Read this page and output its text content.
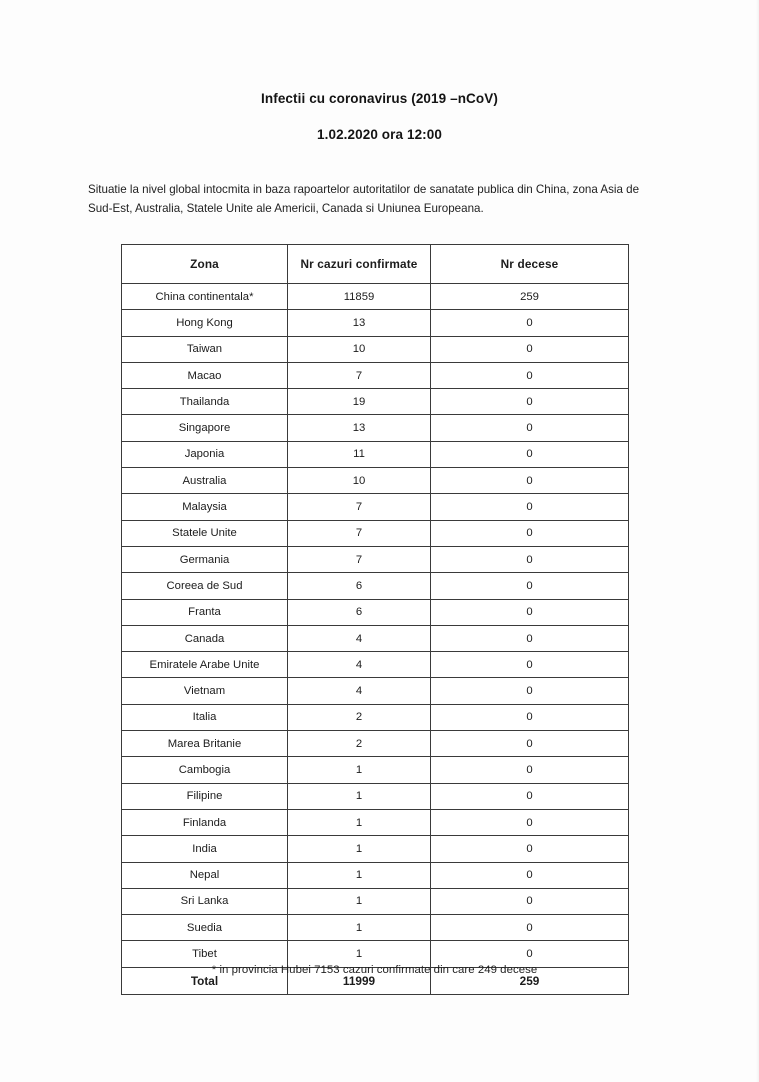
Infectii cu coronavirus (2019 –nCoV)
1.02.2020 ora 12:00

Situatie la nivel global intocmita in baza rapoartelor autoritatilor de sanatate publica din China, zona Asia de Sud-Est, Australia, Statele Unite ale Americii, Canada si Uniunea Europeana.

Zona	Nr cazuri confirmate	Nr decese
China continentala*	11859	259
Hong Kong	13	0
Taiwan	10	0
Macao	7	0
Thailanda	19	0
Singapore	13	0
Japonia	11	0
Australia	10	0
Malaysia	7	0
Statele Unite	7	0
Germania	7	0
Coreea de Sud	6	0
Franta	6	0
Canada	4	0
Emiratele Arabe Unite	4	0
Vietnam	4	0
Italia	2	0
Marea Britanie	2	0
Cambogia	1	0
Filipine	1	0
Finlanda	1	0
India	1	0
Nepal	1	0
Sri Lanka	1	0
Suedia	1	0
Tibet	1	0
Total	11999	259
* in provincia Hubei 7153 cazuri confirmate din care 249 decese
